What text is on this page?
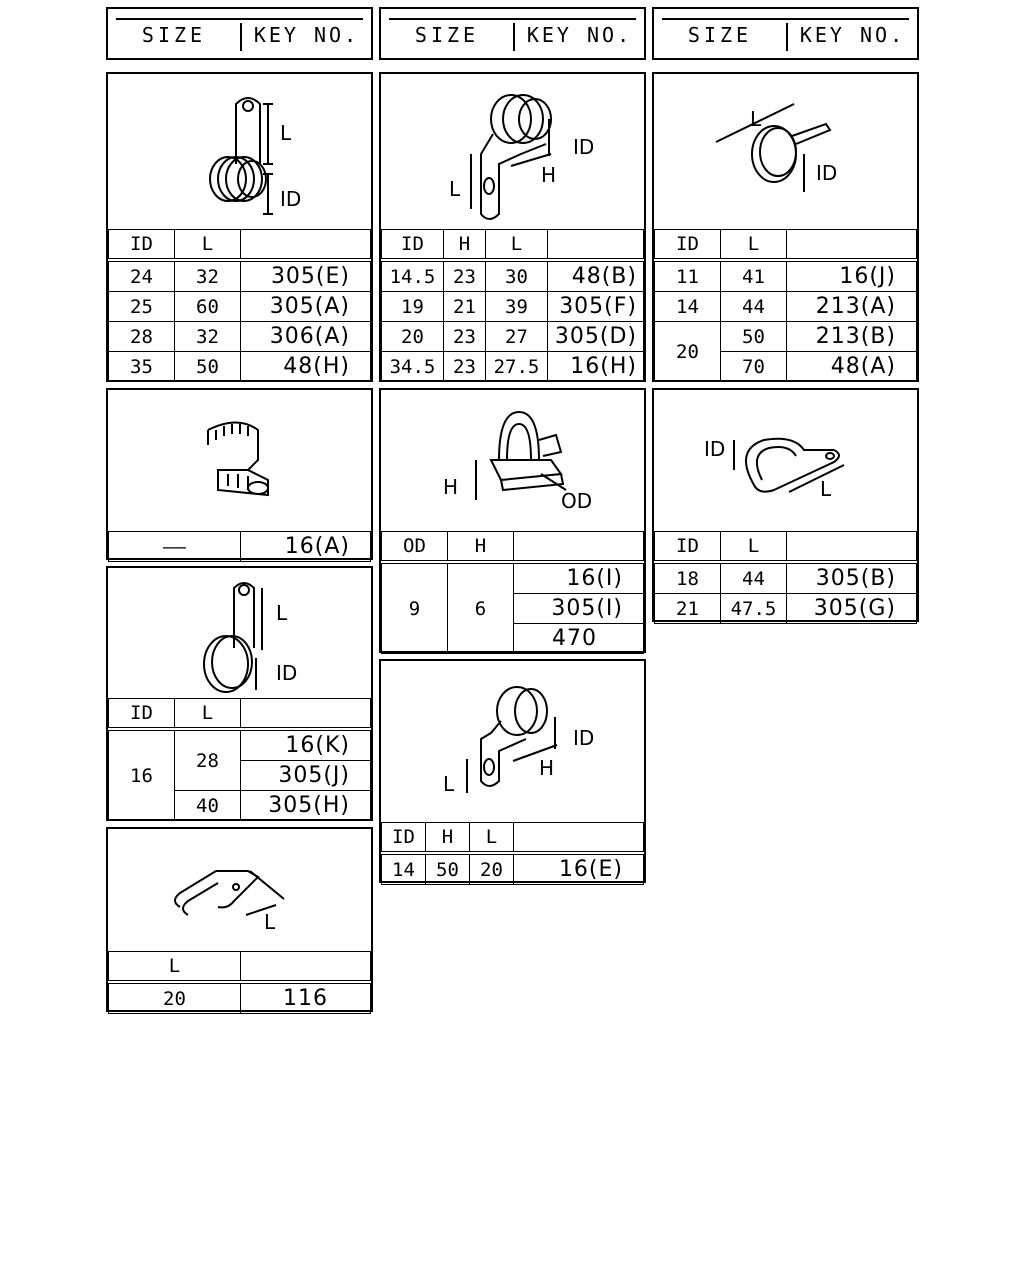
SIZE	KEY NO.	SIZE	KEY NO.	SIZE	KEY NO.
L
ID
ID	L	
24	32	305(E)
25	60	305(A)
28	32	306(A)
35	50	48(H)
L
H
ID
ID	H	L	
14.5	23	30	48(B)
19	21	39	305(F)
20	23	27	305(D)
34.5	23	27.5	16(H)
L
ID
ID	L	
11	41	16(J)
14	44	213(A)
20	50	213(B)
	70	48(A)
——	16(A)
H
OD
OD	H	
9	6	16(I)
		305(I)
		470
ID
L
ID	L	
18	44	305(B)
21	47.5	305(G)
L
ID
ID	L	
16	28	16(K)
		305(J)
	40	305(H)
L
H
ID
ID	H	L	
14	50	20	16(E)
L
L	
20	116
